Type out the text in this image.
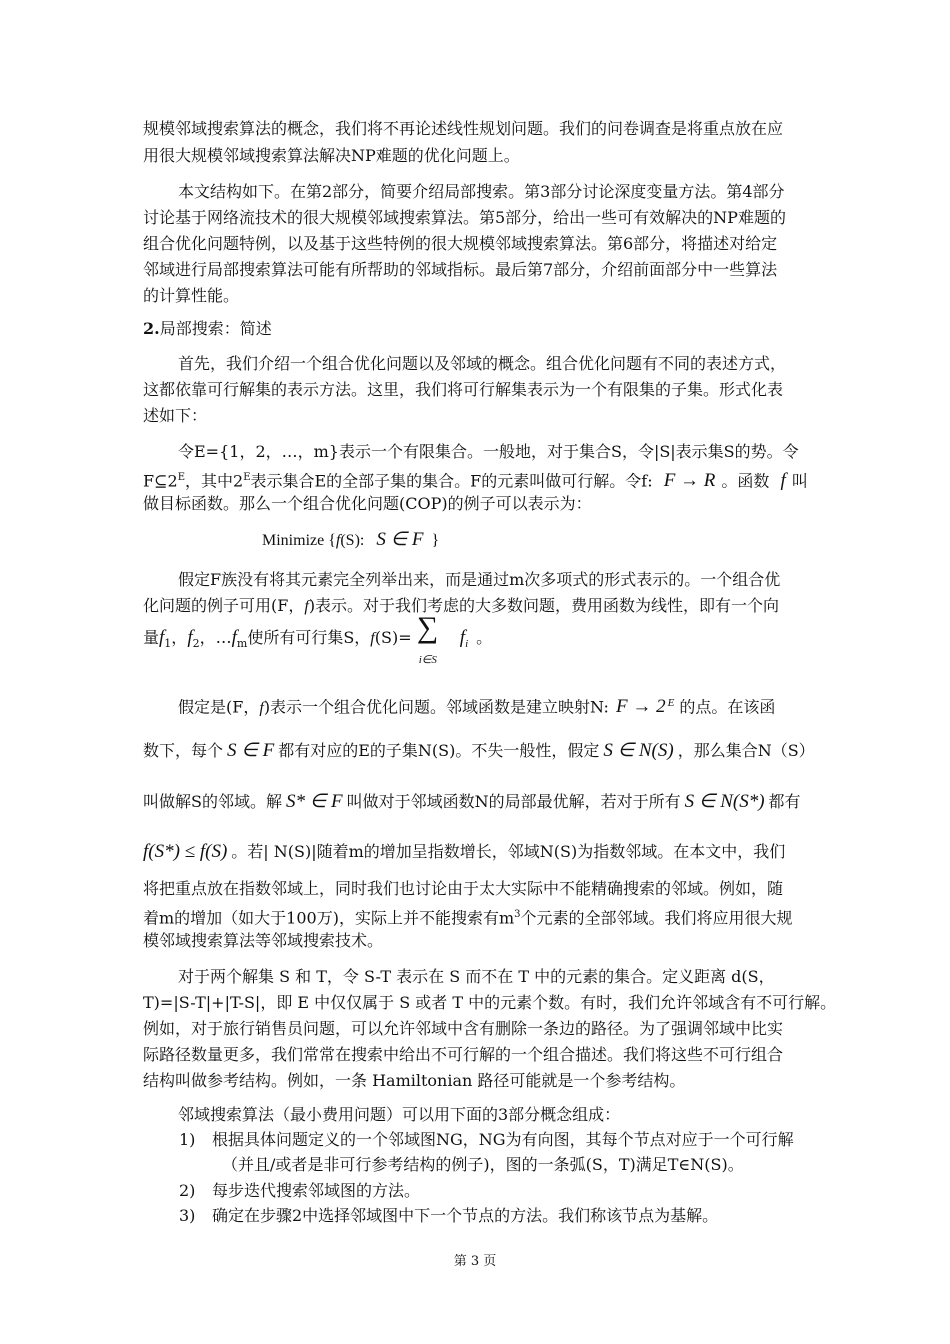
规模邻域搜索算法的概念，我们将不再论述线性规划问题。我们的问卷调查是将重点放在应
用很大规模邻域搜索算法解决NP难题的优化问题上。
本文结构如下。在第2部分，简要介绍局部搜索。第3部分讨论深度变量方法。第4部分
讨论基于网络流技术的很大规模邻域搜索算法。第5部分，给出一些可有效解决的NP难题的
组合优化问题特例，以及基于这些特例的很大规模邻域搜索算法。第6部分，将描述对给定
邻域进行局部搜索算法可能有所帮助的邻域指标。最后第7部分，介绍前面部分中一些算法
的计算性能。
2.局部搜索：简述
首先，我们介绍一个组合优化问题以及邻域的概念。组合优化问题有不同的表述方式，
这都依靠可行解集的表示方法。这里，我们将可行解集表示为一个有限集的子集。形式化表
述如下：
令E={1，2，…，m}表示一个有限集合。一般地，对于集合S，令|S|表示集S的势。令
$F⊆2^E$，其中$2^E$表示集合E的全部子集的集合。F的元素叫做可行解。令f: F → R 。函数 f 叫
做目标函数。那么一个组合优化问题(COP)的例子可以表示为：
Minimize {f(S): S ∈ F }
假定F族没有将其元素完全列举出来，而是通过m次多项式的形式表示的。一个组合优
化问题的例子可用(F，f)表示。对于我们考虑的大多数问题，费用函数为线性，即有一个向
量$f_1$，$f_2$，$\dots f_m$使所有可行集S，f(S)= ∑
i∈S
$f_i$ 。
假定是(F，f)表示一个组合优化问题。邻域函数是建立映射N: F → 2 $^E$ 的点。在该函
数下，每个 S ∈ F 都有对应的E的子集N(S)。不失一般性，假定 S ∈ N(S) ，那么集合N（S）
叫做解S的邻域。解 S* ∈ F 叫做对于邻域函数N的局部最优解，若对于所有 S ∈ N(S*) 都有
f(S*) ≤ f(S) 。若| N(S)|随着m的增加呈指数增长，邻域N(S)为指数邻域。在本文中，我们
将把重点放在指数邻域上，同时我们也讨论由于太大实际中不能精确搜索的邻域。例如，随
着m的增加（如大于100万)，实际上并不能搜索有$m^3$个元素的全部邻域。我们将应用很大规
模邻域搜索算法等邻域搜索技术。
对于两个解集 S 和 T，令 S-T 表示在 S 而不在 T 中的元素的集合。定义距离 d(S，
T)=|S-T|+|T-S|，即 E 中仅仅属于 S 或者 T 中的元素个数。有时，我们允许邻域含有不可行解。
例如，对于旅行销售员问题，可以允许邻域中含有删除一条边的路径。为了强调邻域中比实
际路径数量更多，我们常常在搜索中给出不可行解的一个组合描述。我们将这些不可行组合
结构叫做参考结构。例如，一条 Hamiltonian 路径可能就是一个参考结构。
邻域搜索算法（最小费用问题）可以用下面的3部分概念组成：
1) 根据具体问题定义的一个邻域图NG，NG为有向图，其每个节点对应于一个可行解
（并且/或者是非可行参考结构的例子)，图的一条弧(S，T)满足T∈N(S)。
2) 每步迭代搜索邻域图的方法。
3) 确定在步骤2中选择邻域图中下一个节点的方法。我们称该节点为基解。
第 3 页
